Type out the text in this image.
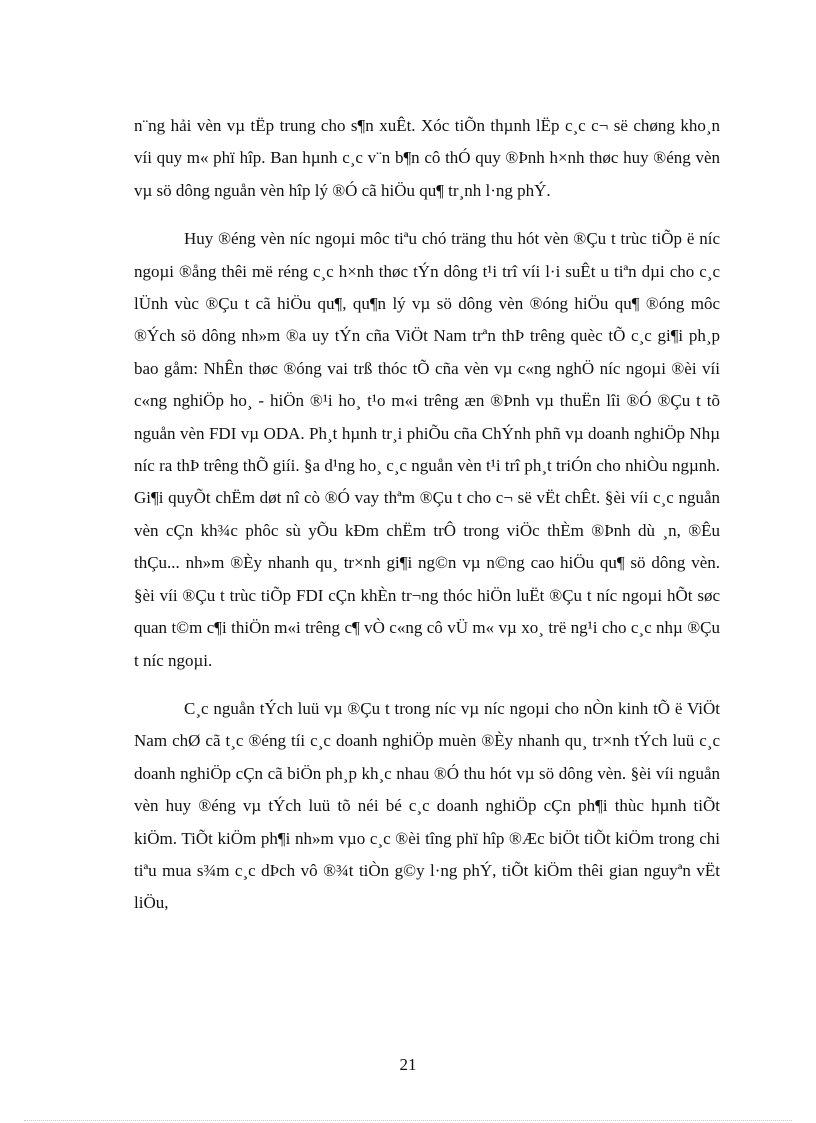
n¨ng hải vèn vµ tËp trung cho s¶n xuÊt. Xóc tiÕn thµnh lËp c¸c c¬ së chøng kho¸n víi quy m« phï hîp. Ban hµnh c¸c v¨n b¶n cô thÓ quy ®Þnh h×nh thøc huy ®éng vèn vµ sö dông nguån vèn hîp lý ®Ó cã hiÖu qu¶ tr¸nh l·ng phÝ.

Huy ®éng vèn níc ngoµi môc tiªu chó träng thu hót vèn ®Çu t trùc tiÕp ë níc ngoµi ®ång thêi më réng c¸c h×nh thøc tÝn dông t¹i trî víi l·i suÊt u tiªn dµi cho c¸c lÜnh vùc ®Çu t cã hiÖu qu¶, qu¶n lý vµ sö dông vèn ®óng hiÖu qu¶ ®óng môc ®Ých sö dông nh»m ®a uy tÝn cña ViÖt Nam trªn thÞ trêng quèc tÕ c¸c gi¶i ph¸p bao gåm: NhÊn thøc ®óng vai trß thóc tÕ cña vèn vµ c«ng nghÖ níc ngoµi ®èi víi c«ng nghiÖp ho¸ - hiÖn ®¹i ho¸ t¹o m«i trêng æn ®Þnh vµ thuËn lîi ®Ó ®Çu t tõ nguån vèn FDI vµ ODA. Ph¸t hµnh tr¸i phiÕu cña ChÝnh phñ vµ doanh nghiÖp Nhµ níc ra thÞ trêng thÕ giíi. §a d¹ng ho¸ c¸c nguån vèn t¹i trî ph¸t triÓn cho nhiÒu ngµnh. Gi¶i quyÕt chËm døt nî cò ®Ó vay thªm ®Çu t cho c¬ së vËt chÊt. §èi víi c¸c nguån vèn cÇn kh¾c phôc sù yÕu kÐm chËm trÔ trong viÖc thÈm ®Þnh dù ¸n, ®Êu thÇu... nh»m ®Èy nhanh qu¸ tr×nh gi¶i ng©n vµ n©ng cao hiÖu qu¶ sö dông vèn. §èi víi ®Çu t trùc tiÕp FDI cÇn khÈn tr¬ng thóc hiÖn luËt ®Çu t níc ngoµi hÕt søc quan t©m c¶i thiÖn m«i trêng c¶ vÒ c«ng cô vÜ m« vµ xo¸ trë ng¹i cho c¸c nhµ ®Çu t níc ngoµi.

C¸c nguån tÝch luü vµ ®Çu t trong níc vµ níc ngoµi cho nÒn kinh tÕ ë ViÖt Nam chØ cã t¸c ®éng tíi c¸c doanh nghiÖp muèn ®Èy nhanh qu¸ tr×nh tÝch luü c¸c doanh nghiÖp cÇn cã biÖn ph¸p kh¸c nhau ®Ó thu hót vµ sö dông vèn. §èi víi nguån vèn huy ®éng vµ tÝch luü tõ néi bé c¸c doanh nghiÖp cÇn ph¶i thùc hµnh tiÕt kiÖm. TiÕt kiÖm ph¶i nh»m vµo c¸c ®èi tîng phï hîp ®Æc biÖt tiÕt kiÖm trong chi tiªu mua s¾m c¸c dÞch vô ®¾t tiÒn g©y l·ng phÝ, tiÕt kiÖm thêi gian nguyªn vËt liÖu,

21
